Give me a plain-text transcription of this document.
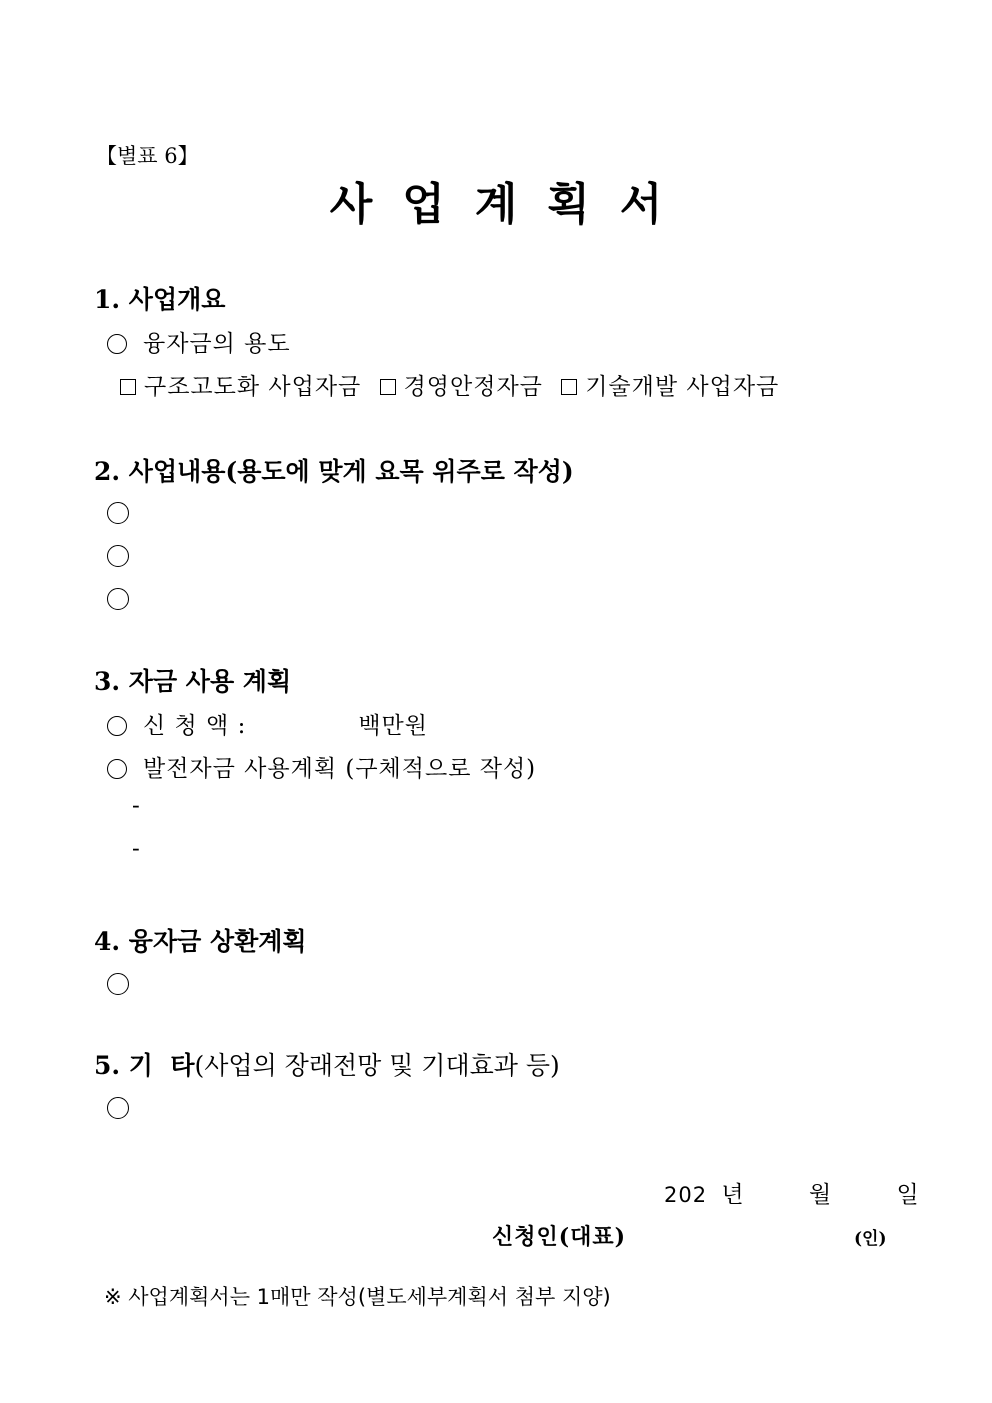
【별표 6】
사업계획서
1. 사업개요
융자금의 용도
구조고도화 사업자금 경영안정자금 기술개발 사업자금
2. 사업내용(용도에 맞게 요목 위주로 작성)
3. 자금 사용 계획
신 청 액 :	백만원
발전자금 사용계획 (구체적으로 작성)
-
-
4. 융자금 상환계획
5. 기  타(사업의 장래전망 및 기대효과 등)
202 년	월	일
신청인(대표)	(인)
※ 사업계획서는 1매만 작성(별도세부계획서 첨부 지양)
